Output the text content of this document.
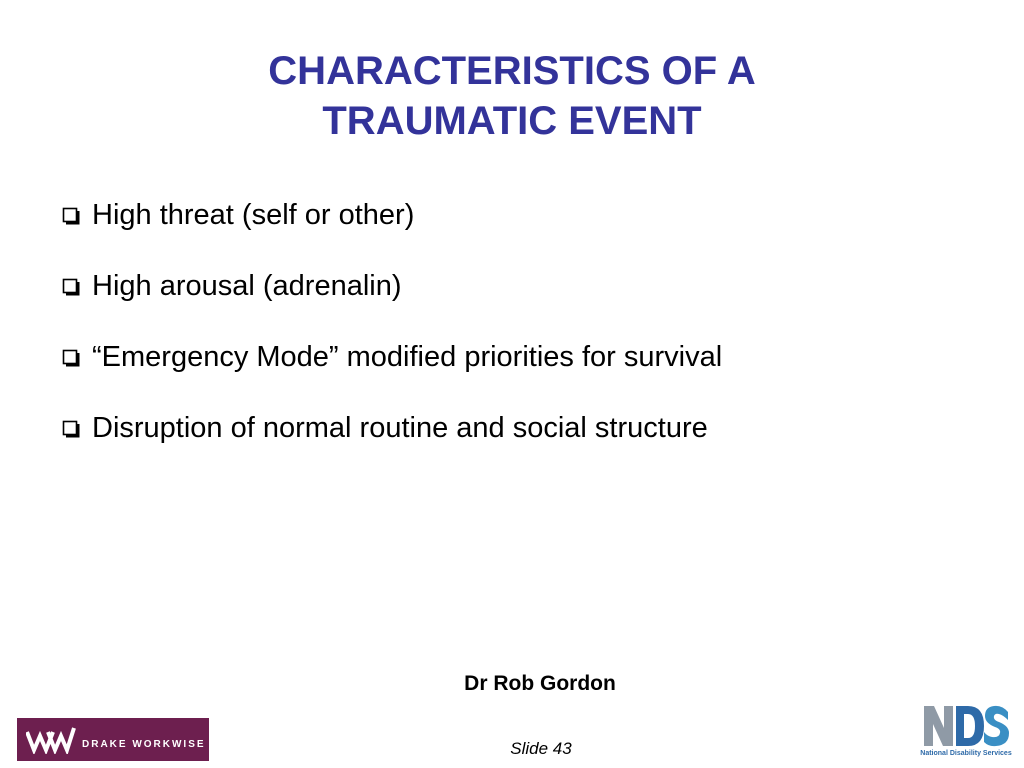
CHARACTERISTICS OF A
TRAUMATIC EVENT
High threat (self or other)
High arousal (adrenalin)
“Emergency Mode” modified priorities for survival
Disruption of normal routine and social structure
Dr Rob Gordon
Slide 43
DRAKE WORKWISE
National Disability Services
